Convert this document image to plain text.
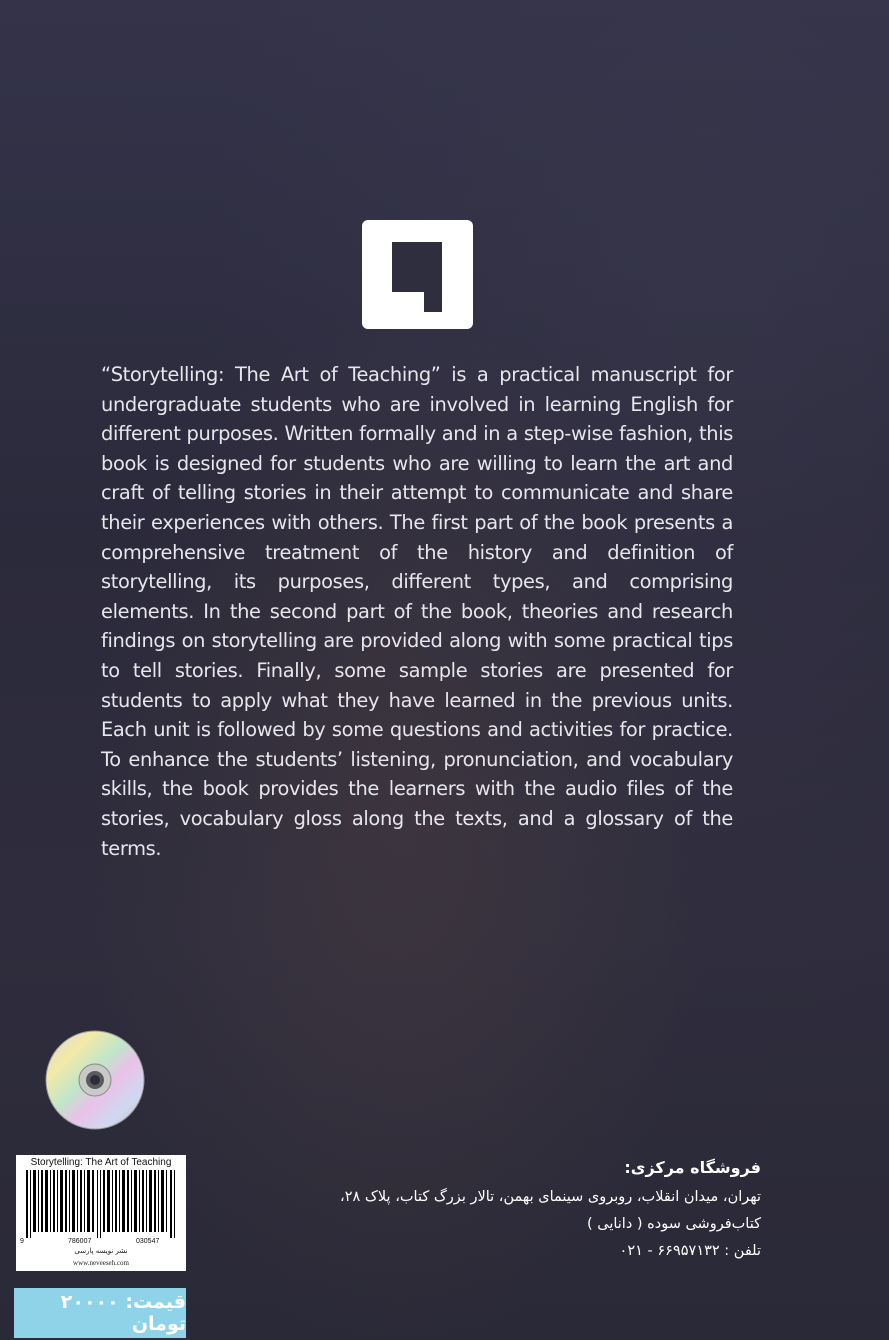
“Storytelling: The Art of Teaching” is a practical manuscript for undergraduate students who are involved in learning English for different purposes. Written formally and in a step-wise fashion, this book is designed for students who are willing to learn the art and craft of telling stories in their attempt to communicate and share their experiences with others. The first part of the book presents a comprehensive treatment of the history and definition of storytelling, its purposes, different types, and comprising elements. In the second part of the book, theories and research findings on storytelling are provided along with some practical tips to tell stories. Finally, some sample stories are presented for students to apply what they have learned in the previous units. Each unit is followed by some questions and activities for practice. To enhance the students’ listening, pronunciation, and vocabulary skills, the book provides the learners with the audio files of the stories, vocabulary gloss along the texts, and a glossary of the terms.

Storytelling: The Art of Teaching
9	786007	030547
نشر نویسه پارسی
www.neveeseh.com
قیمت: ۲۰۰۰۰ تومان

فروشگاه مرکزی:

تهران، میدان انقلاب، روبروی سینمای بهمن، تالار بزرگ کتاب، پلاک ۲۸،

کتاب‌فروشی سوده ( دانایی )

تلفن : ۶۶۹۵۷۱۳۲ - ۰۲۱
